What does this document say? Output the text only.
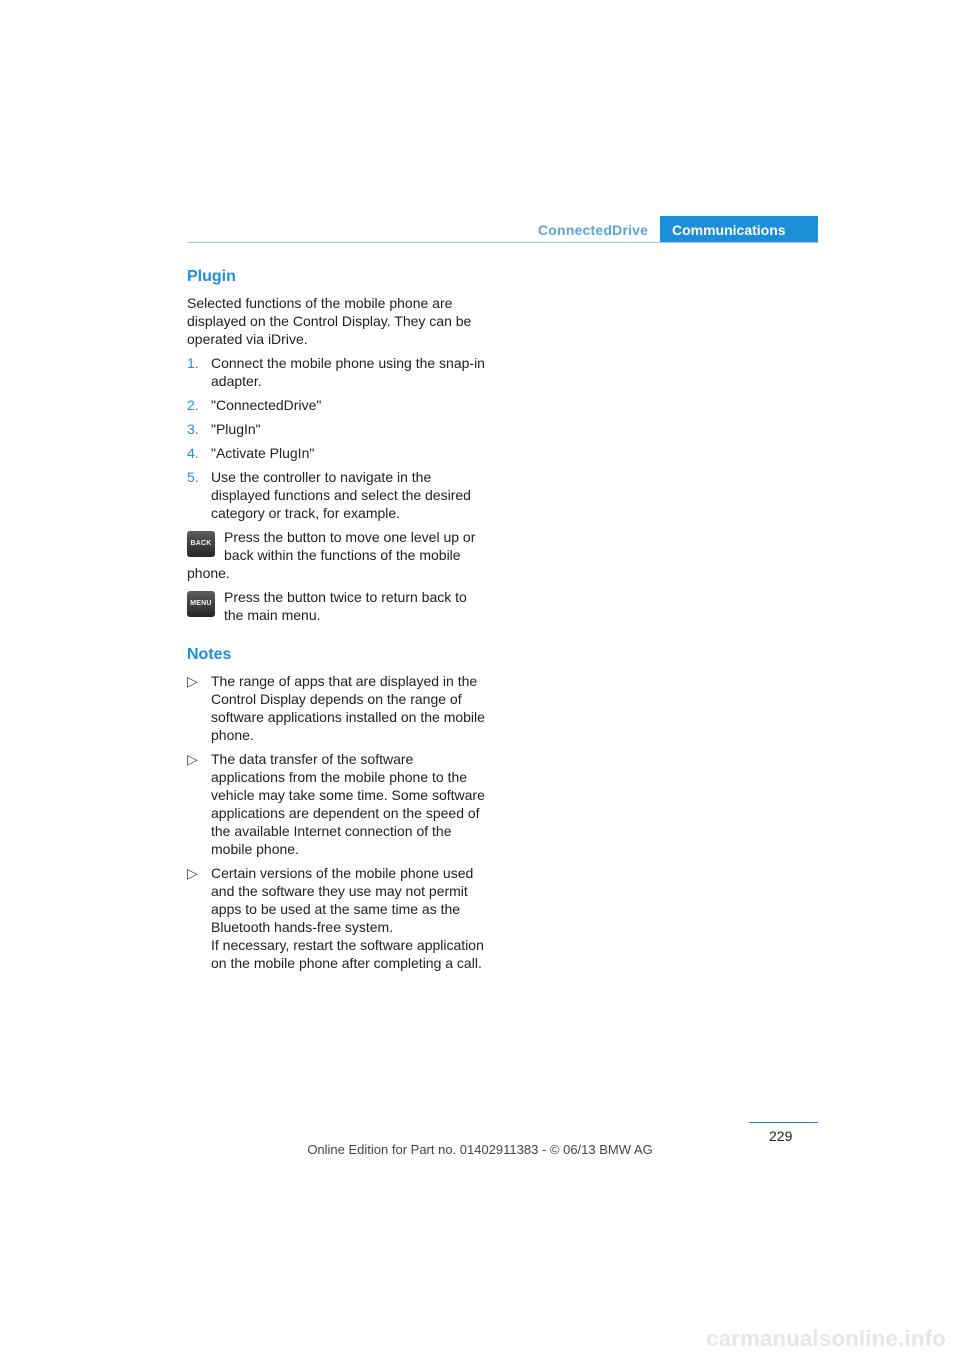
ConnectedDrive	Communications
Plugin

Selected functions of the mobile phone are displayed on the Control Display. They can be operated via iDrive.

1. Connect the mobile phone using the snap-in adapter.
2. "ConnectedDrive"
3. "PlugIn"
4. "Activate PlugIn"
5. Use the controller to navigate in the displayed functions and select the desired category or track, for example.
BACK Press the button to move one level up or back within the functions of the mobile
phone.
MENU Press the button twice to return back to the main menu.
Notes
▷ The range of apps that are displayed in the Control Display depends on the range of software applications installed on the mobile phone.
▷ The data transfer of the software applications from the mobile phone to the vehicle may take some time. Some software applications are dependent on the speed of the available Internet connection of the mobile phone.
▷ Certain versions of the mobile phone used and the software they use may not permit apps to be used at the same time as the Bluetooth hands-free system.
If necessary, restart the software application on the mobile phone after completing a call.
229
Online Edition for Part no. 01402911383 - © 06/13 BMW AG
carmanualsonline.info
